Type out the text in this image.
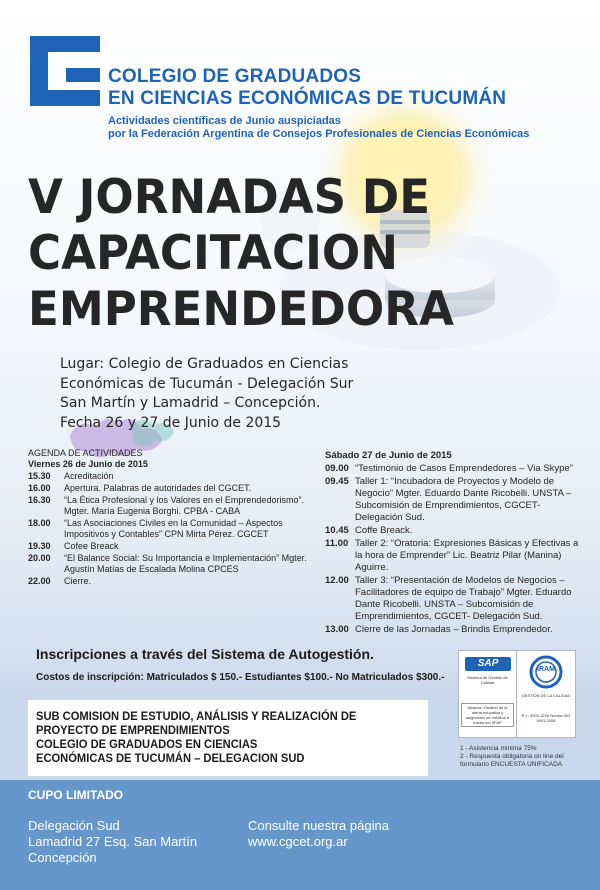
COLEGIO DE GRADUADOS
EN CIENCIAS ECONÓMICAS DE TUCUMÁN
Actividades científicas de Junio auspiciadas
por la Federación Argentina de Consejos Profesionales de Ciencias Económicas
V JORNADAS DE
CAPACITACION
EMPRENDEDORA
Lugar: Colegio de Graduados en Ciencias
Económicas de Tucumán - Delegación Sur
San Martín y Lamadrid – Concepción.
Fecha 26 y 27 de Junio de 2015
AGENDA DE ACTIVIDADES
Viernes 26 de Junio de 2015
15.30	Acreditación
16.00	Apertura. Palabras de autoridades del CGCET.
16.30	“La Ética Profesional y los Valores en el Emprendedorismo”. Mgter. María Eugenia Borghi. CPBA - CABA
18.00	“Las Asociaciones Civiles en la Comunidad – Aspectos Impositivos y Contables” CPN Mirta Pérez. CGCET
19.30	Cofee Breack
20.00	“El Balance Social: Su Importancia e Implementación” Mgter. Agustín Matías de Escalada Molina CPCES
22.00	Cierre.
Sábado 27 de Junio de 2015
09.00 “Testimonio de Casos Emprendedores – Via Skype”
09.45 Taller 1: “Incubadora de Proyectos y Modelo de Negocio” Mgter. Eduardo Dante Ricobelli. UNSTA – Subcomisión de Emprendimientos, CGCET- Delegación Sud.
10.45 Coffe Breack.
11.00 Taller 2: “Oratoria: Expresiones Básicas y Efectivas a la hora de Emprender” Lic. Beatriz Pilar (Manina) Aguirre.
12.00 Taller 3: “Presentación de Modelos de Negocios – Facilitadores de equipo de Trabajo” Mgter. Eduardo Dante Ricobelli. UNSTA – Subcomisión de Emprendimientos, CGCET- Delegación Sud.
13.00 Cierre de las Jornadas – Brindis Emprendedor.
Inscripciones a través del Sistema de Autogestión.
Costos de inscripción: Matriculados $ 150.- Estudiantes $100.- No Matriculados $300.-
SAP
Sistema de Gestión de Calidad
Alcance: Gestión de la oferta educativa y asignación de créditos a través del SFAP
IRAM
GESTIÓN DE LA CALIDAD
R.I.: 9000-322e Norma ISO 9001:2008
1 - Asistencia mínima 75%
2 - Respuesta obligatoria on line del formulario ENCUESTA UNIFICADA
SUB COMISION DE ESTUDIO, ANÁLISIS Y REALIZACIÓN DE
PROYECTO DE EMPRENDIMIENTOS
COLEGIO DE GRADUADOS EN CIENCIAS
ECONÓMICAS DE TUCUMÁN – DELEGACION SUD
CUPO LIMITADO
Delegación Sud
Lamadrid 27 Esq. San Martín
Concepción
Consulte nuestra página
www.cgcet.org.ar
